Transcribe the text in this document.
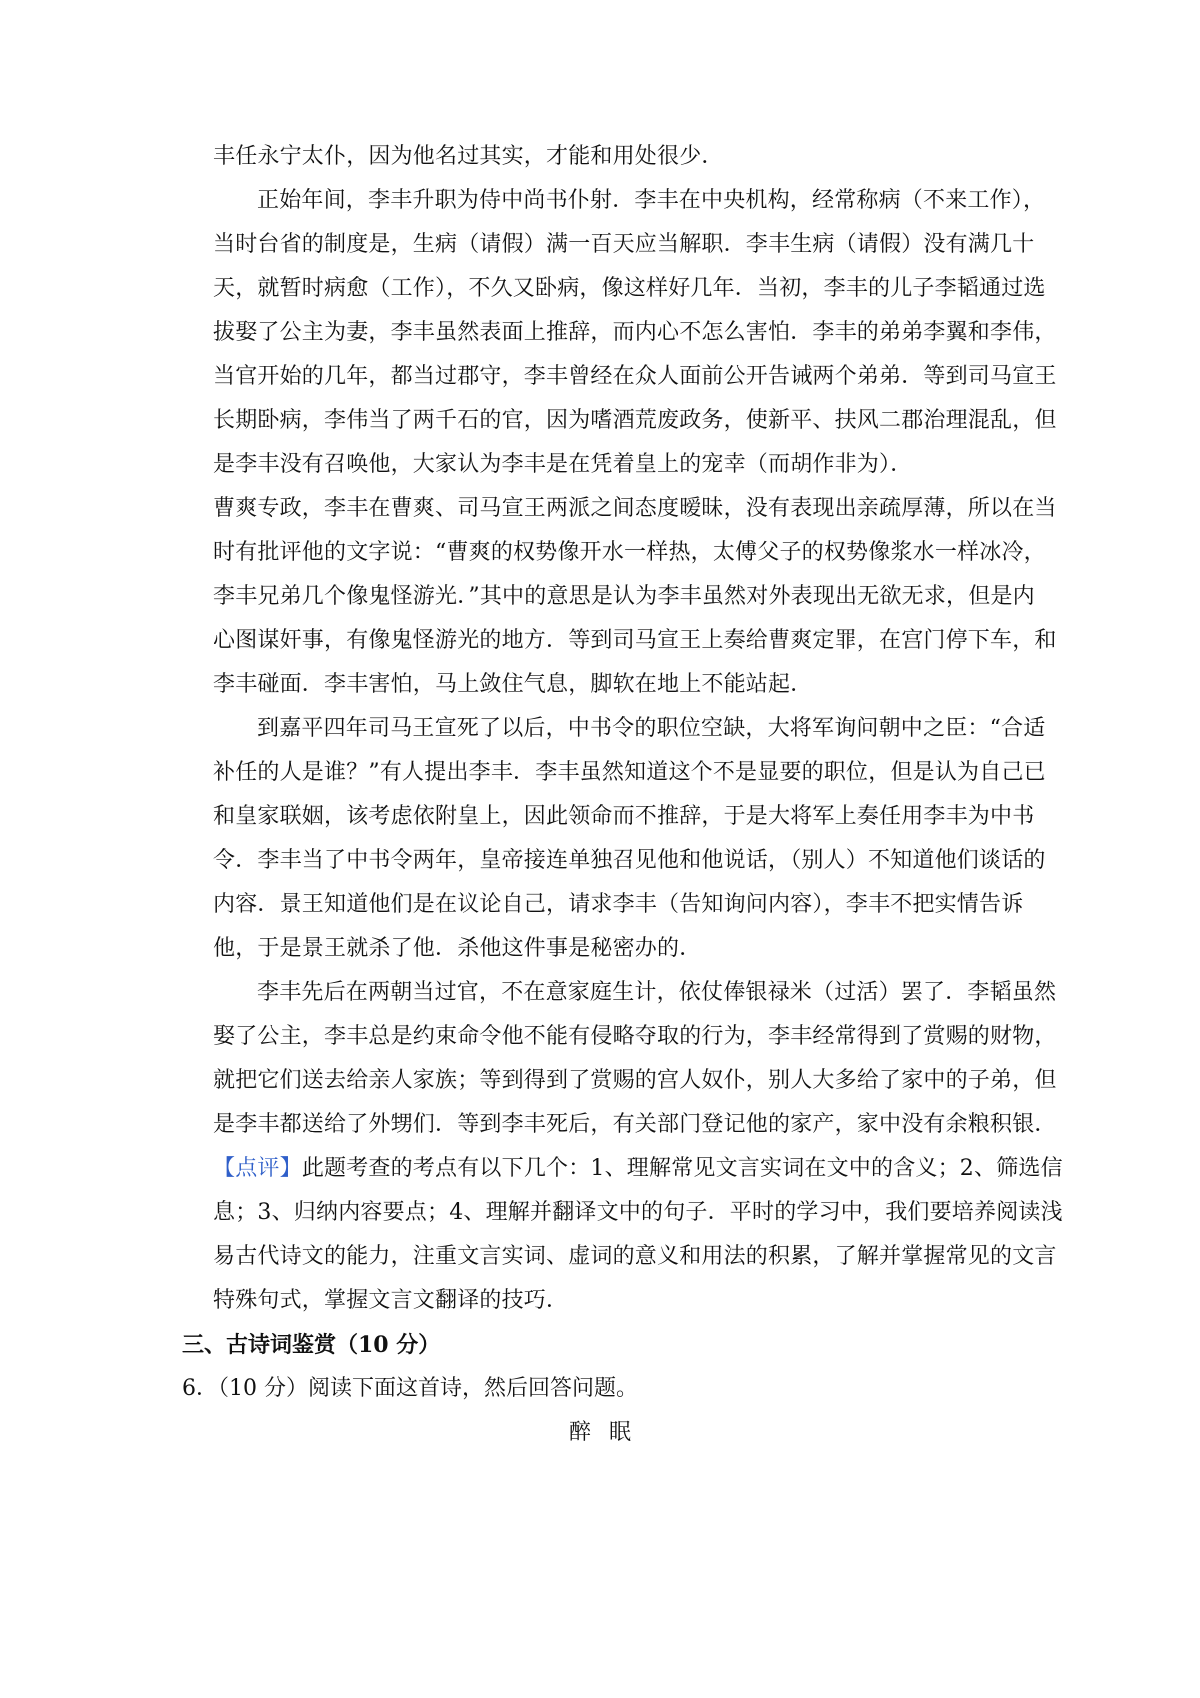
丰任永宁太仆，因为他名过其实，才能和用处很少．
正始年间，李丰升职为侍中尚书仆射．李丰在中央机构，经常称病（不来工作），
当时台省的制度是，生病（请假）满一百天应当解职．李丰生病（请假）没有满几十
天，就暂时病愈（工作），不久又卧病，像这样好几年．当初，李丰的儿子李韬通过选
拔娶了公主为妻，李丰虽然表面上推辞，而内心不怎么害怕．李丰的弟弟李翼和李伟，
当官开始的几年，都当过郡守，李丰曾经在众人面前公开告诫两个弟弟．等到司马宣王
长期卧病，李伟当了两千石的官，因为嗜酒荒废政务，使新平、扶风二郡治理混乱，但
是李丰没有召唤他，大家认为李丰是在凭着皇上的宠幸（而胡作非为）．
曹爽专政，李丰在曹爽、司马宣王两派之间态度暧昧，没有表现出亲疏厚薄，所以在当
时有批评他的文字说：“曹爽的权势像开水一样热，太傅父子的权势像浆水一样冰冷，
李丰兄弟几个像鬼怪游光．”其中的意思是认为李丰虽然对外表现出无欲无求，但是内
心图谋奸事，有像鬼怪游光的地方．等到司马宣王上奏给曹爽定罪，在宫门停下车，和
李丰碰面．李丰害怕，马上敛住气息，脚软在地上不能站起．
到嘉平四年司马王宣死了以后，中书令的职位空缺，大将军询问朝中之臣：“合适
补任的人是谁？”有人提出李丰．李丰虽然知道这个不是显要的职位，但是认为自己已
和皇家联姻，该考虑依附皇上，因此领命而不推辞，于是大将军上奏任用李丰为中书
令．李丰当了中书令两年，皇帝接连单独召见他和他说话，（别人）不知道他们谈话的
内容．景王知道他们是在议论自己，请求李丰（告知询问内容），李丰不把实情告诉
他，于是景王就杀了他．杀他这件事是秘密办的．
李丰先后在两朝当过官，不在意家庭生计，依仗俸银禄米（过活）罢了．李韬虽然
娶了公主，李丰总是约束命令他不能有侵略夺取的行为，李丰经常得到了赏赐的财物，
就把它们送去给亲人家族；等到得到了赏赐的宫人奴仆，别人大多给了家中的子弟，但
是李丰都送给了外甥们．等到李丰死后，有关部门登记他的家产，家中没有余粮积银．
【点评】此题考查的考点有以下几个：1、理解常见文言实词在文中的含义；2、筛选信
息；3、归纳内容要点；4、理解并翻译文中的句子．平时的学习中，我们要培养阅读浅
易古代诗文的能力，注重文言实词、虚词的意义和用法的积累，了解并掌握常见的文言
特殊句式，掌握文言文翻译的技巧．
三、古诗词鉴赏（10 分）
6．（10 分）阅读下面这首诗，然后回答问题。
醉眠
